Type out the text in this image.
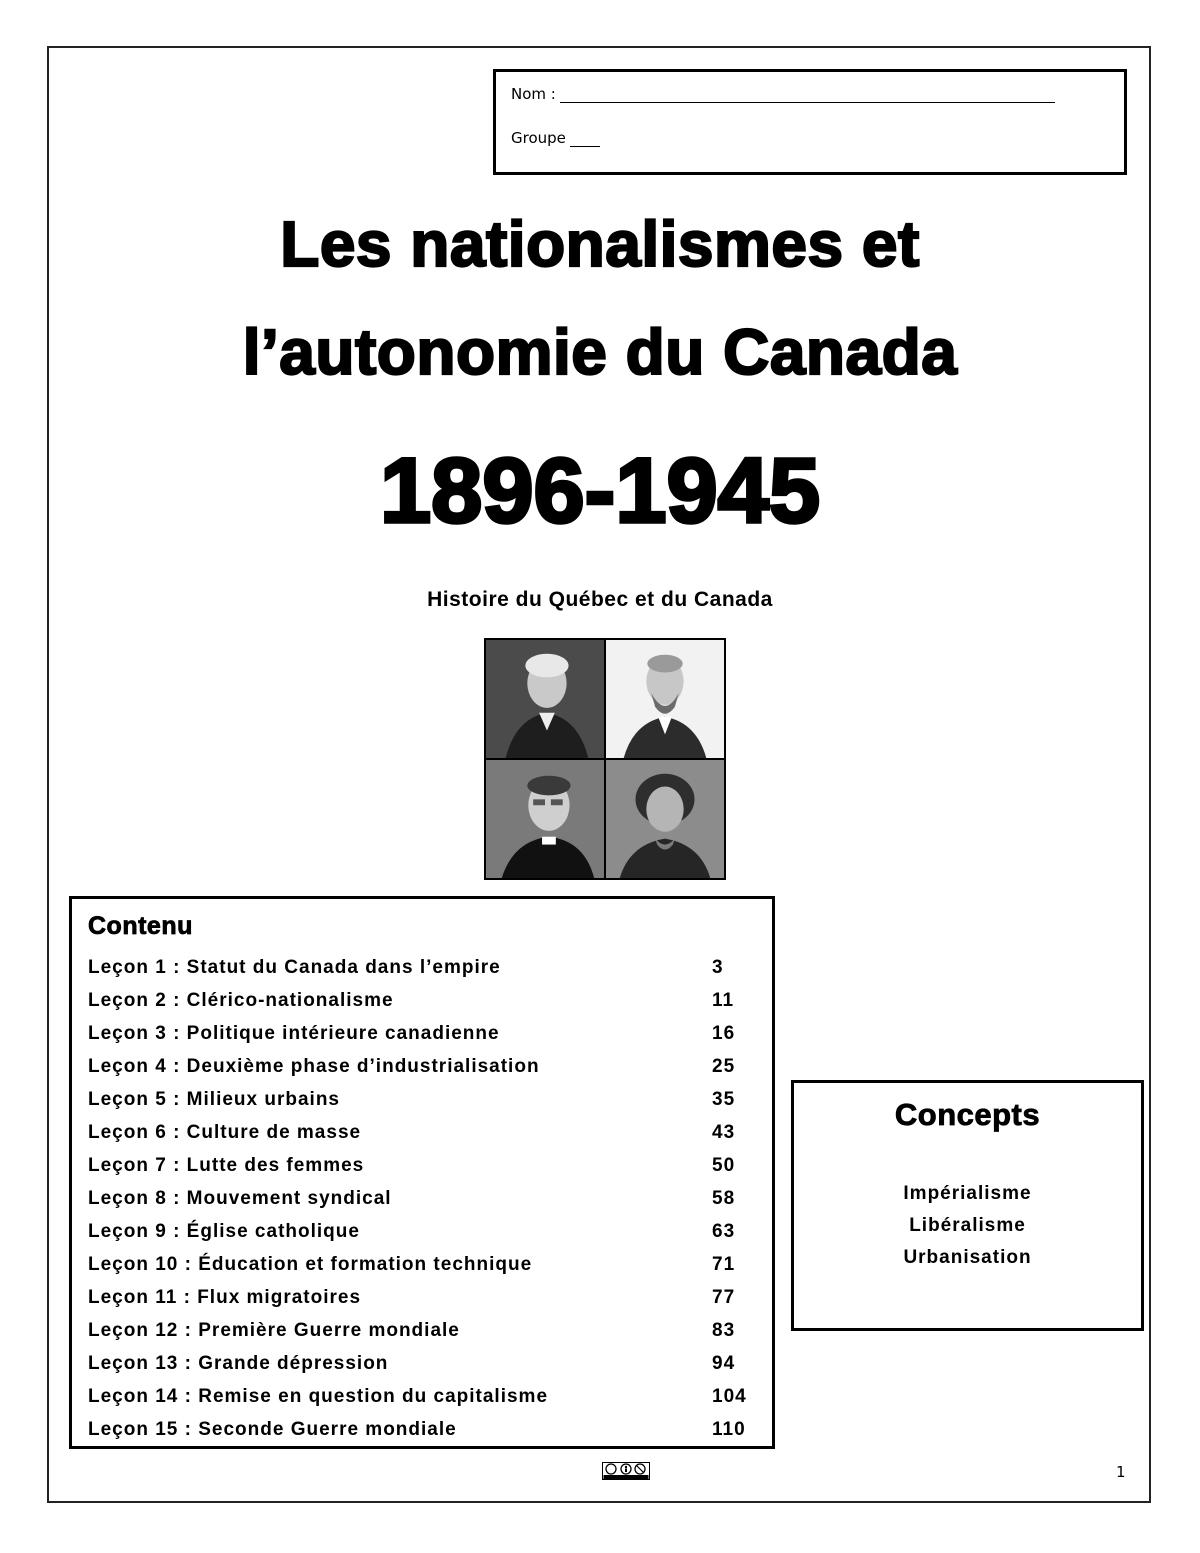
Nom :
Groupe
Les nationalismes et
l’autonomie du Canada
1896-1945
Histoire du Québec et du Canada
Contenu
Leçon 1 : Statut du Canada dans l’empire	3
Leçon 2 : Clérico-nationalisme	11
Leçon 3 : Politique intérieure canadienne	16
Leçon 4 : Deuxième phase d’industrialisation	25
Leçon 5 : Milieux urbains	35
Leçon 6 : Culture de masse	43
Leçon 7 : Lutte des femmes	50
Leçon 8 : Mouvement syndical	58
Leçon 9 : Église catholique	63
Leçon 10 : Éducation et formation technique	71
Leçon 11 : Flux migratoires	77
Leçon 12 : Première Guerre mondiale	83
Leçon 13 : Grande dépression	94
Leçon 14 : Remise en question du capitalisme	104
Leçon 15 : Seconde Guerre mondiale	110
Concepts
Impérialisme
Libéralisme
Urbanisation
1
